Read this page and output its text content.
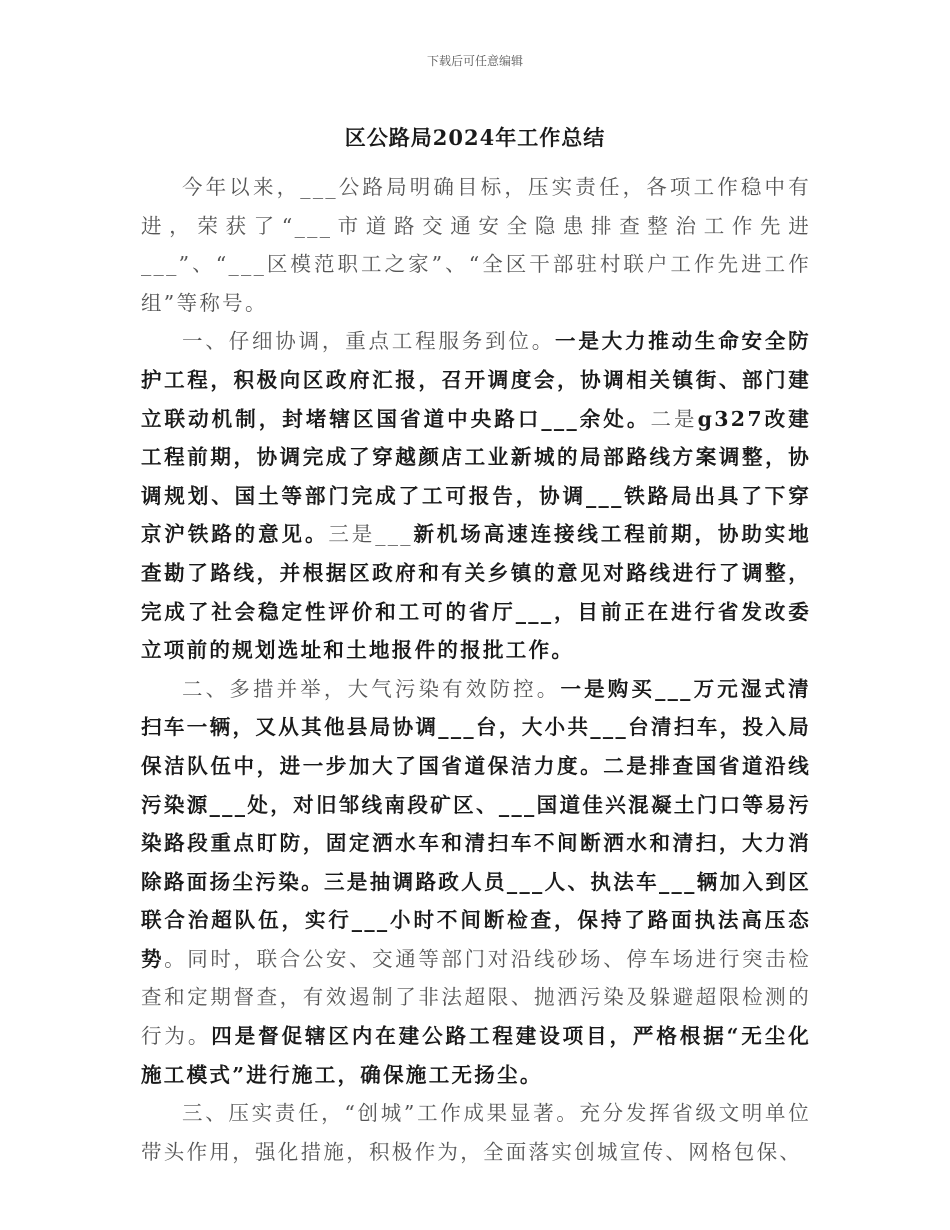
下载后可任意编辑
区公路局2024年工作总结

今年以来，___公路局明确目标，压实责任，各项工作稳中有进，荣获了“___市道路交通安全隐患排查整治工作先进___”、“___区模范职工之家”、“全区干部驻村联户工作先进工作组”等称号。

一、仔细协调，重点工程服务到位。一是大力推动生命安全防护工程，积极向区政府汇报，召开调度会，协调相关镇街、部门建立联动机制，封堵辖区国省道中央路口___余处。二是g327改建工程前期，协调完成了穿越颜店工业新城的局部路线方案调整，协调规划、国土等部门完成了工可报告，协调___铁路局出具了下穿京沪铁路的意见。三是___新机场高速连接线工程前期，协助实地查勘了路线，并根据区政府和有关乡镇的意见对路线进行了调整，完成了社会稳定性评价和工可的省厅___，目前正在进行省发改委立项前的规划选址和土地报件的报批工作。

二、多措并举，大气污染有效防控。一是购买___万元湿式清扫车一辆，又从其他县局协调___台，大小共___台清扫车，投入局保洁队伍中，进一步加大了国省道保洁力度。二是排查国省道沿线污染源___处，对旧邹线南段矿区、___国道佳兴混凝土门口等易污染路段重点盯防，固定洒水车和清扫车不间断洒水和清扫，大力消除路面扬尘污染。三是抽调路政人员___人、执法车___辆加入到区联合治超队伍，实行___小时不间断检查，保持了路面执法高压态势。同时，联合公安、交通等部门对沿线砂场、停车场进行突击检查和定期督查，有效遏制了非法超限、抛洒污染及躲避超限检测的行为。四是督促辖区内在建公路工程建设项目，严格根据“无尘化施工模式”进行施工，确保施工无扬尘。

三、压实责任，“创城”工作成果显著。充分发挥省级文明单位带头作用，强化措施，积极作为，全面落实创城宣传、网格包保、
